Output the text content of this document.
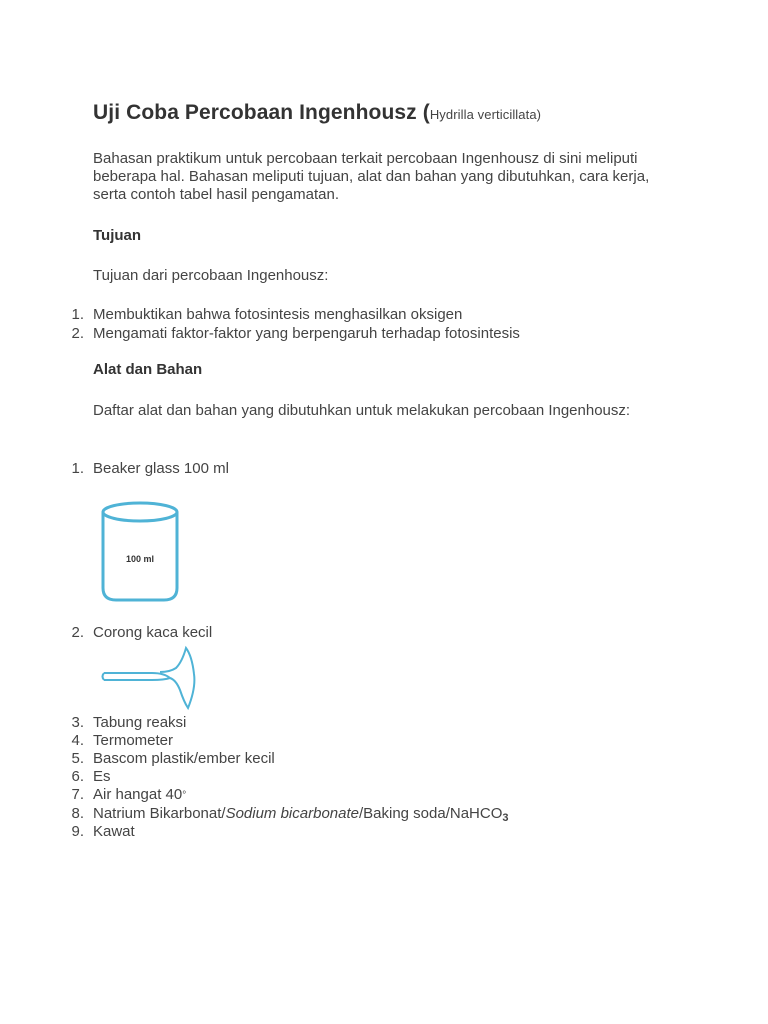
Uji Coba Percobaan Ingenhousz (Hydrilla verticillata)
Bahasan praktikum untuk percobaan terkait percobaan Ingenhousz di sini meliputi beberapa hal. Bahasan meliputi tujuan, alat dan bahan yang dibutuhkan, cara kerja, serta contoh tabel hasil pengamatan.
Tujuan
Tujuan dari percobaan Ingenhousz:
1. Membuktikan bahwa fotosintesis menghasilkan oksigen
2. Mengamati faktor-faktor yang berpengaruh terhadap fotosintesis
Alat dan Bahan
Daftar alat dan bahan yang dibutuhkan untuk melakukan percobaan Ingenhousz:
1. Beaker glass 100 ml
100 ml
2. Corong kaca kecil
3. Tabung reaksi
4. Termometer
5. Bascom plastik/ember kecil
6. Es
7. Air hangat 40°
8. Natrium Bikarbonat/Sodium bicarbonate/Baking soda/NaHCO$_3$
9. Kawat
